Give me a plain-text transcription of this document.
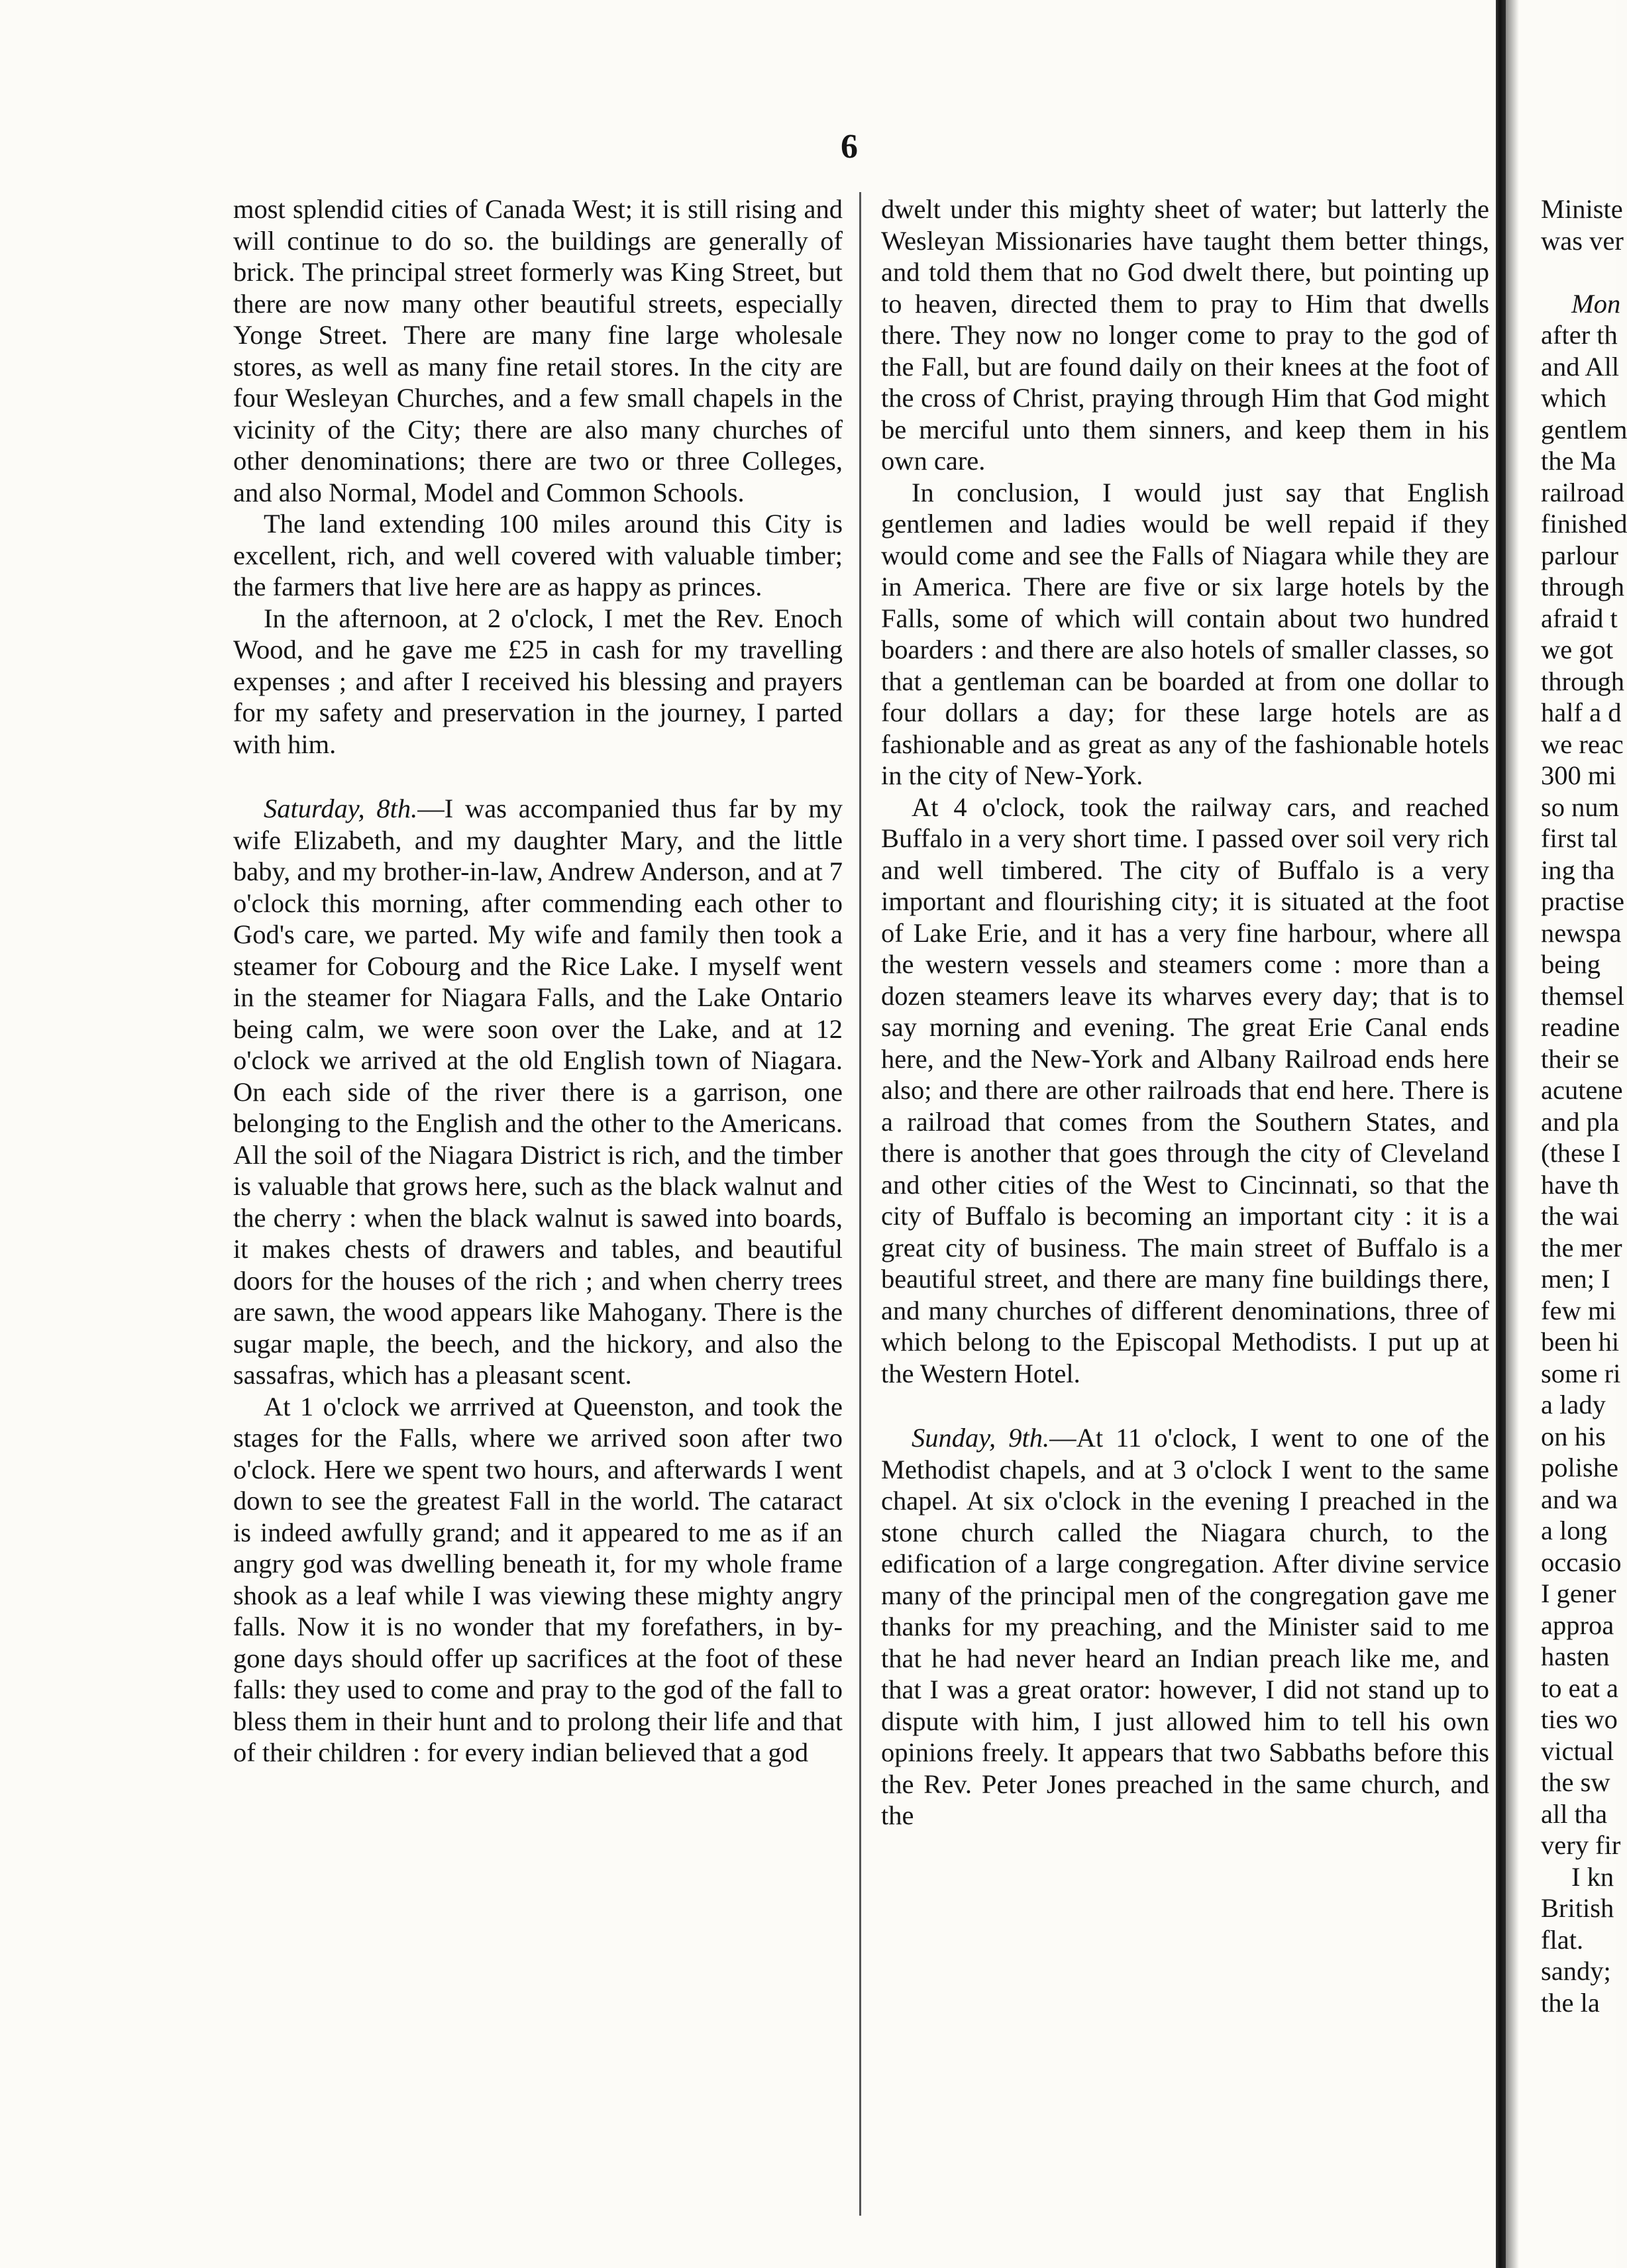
6

most splendid cities of Canada West; it is still rising and will continue to do so. the buildings are generally of brick. The principal street formerly was King Street, but there are now many other beautiful streets, especially Yonge Street. There are many fine large wholesale stores, as well as many fine retail stores. In the city are four Wesleyan Churches, and a few small chapels in the vicinity of the City; there are also many churches of other denominations; there are two or three Colleges, and also Normal, Model and Common Schools.

The land extending 100 miles around this City is excellent, rich, and well covered with valuable timber; the farmers that live here are as happy as princes.

In the afternoon, at 2 o'clock, I met the Rev. Enoch Wood, and he gave me £25 in cash for my travelling expenses ; and after I received his blessing and prayers for my safety and preservation in the journey, I parted with him.

Saturday, 8th.—I was accompanied thus far by my wife Elizabeth, and my daughter Mary, and the little baby, and my brother-in-law, Andrew Anderson, and at 7 o'clock this morning, after commending each other to God's care, we parted. My wife and family then took a steamer for Cobourg and the Rice Lake. I myself went in the steamer for Niagara Falls, and the Lake Ontario being calm, we were soon over the Lake, and at 12 o'clock we arrived at the old English town of Niagara. On each side of the river there is a garrison, one belonging to the English and the other to the Americans. All the soil of the Niagara District is rich, and the timber is valuable that grows here, such as the black walnut and the cherry : when the black walnut is sawed into boards, it makes chests of drawers and tables, and beautiful doors for the houses of the rich ; and when cherry trees are sawn, the wood appears like Mahogany. There is the sugar maple, the beech, and the hickory, and also the sassafras, which has a pleasant scent.

At 1 o'clock we arrrived at Queenston, and took the stages for the Falls, where we arrived soon after two o'clock. Here we spent two hours, and afterwards I went down to see the greatest Fall in the world. The cataract is indeed awfully grand; and it appeared to me as if an angry god was dwelling beneath it, for my whole frame shook as a leaf while I was viewing these mighty angry falls. Now it is no wonder that my forefathers, in by-gone days should offer up sacrifices at the foot of these falls: they used to come and pray to the god of the fall to bless them in their hunt and to prolong their life and that of their children : for every indian believed that a god

dwelt under this mighty sheet of water; but latterly the Wesleyan Missionaries have taught them better things, and told them that no God dwelt there, but pointing up to heaven, directed them to pray to Him that dwells there. They now no longer come to pray to the god of the Fall, but are found daily on their knees at the foot of the cross of Christ, praying through Him that God might be merciful unto them sinners, and keep them in his own care.

In conclusion, I would just say that English gentlemen and ladies would be well repaid if they would come and see the Falls of Niagara while they are in America. There are five or six large hotels by the Falls, some of which will contain about two hundred boarders : and there are also hotels of smaller classes, so that a gentleman can be boarded at from one dollar to four dollars a day; for these large hotels are as fashionable and as great as any of the fashionable hotels in the city of New-York.

At 4 o'clock, took the railway cars, and reached Buffalo in a very short time. I passed over soil very rich and well timbered. The city of Buffalo is a very important and flourishing city; it is situated at the foot of Lake Erie, and it has a very fine harbour, where all the western vessels and steamers come : more than a dozen steamers leave its wharves every day; that is to say morning and evening. The great Erie Canal ends here, and the New-York and Albany Railroad ends here also; and there are other railroads that end here. There is a railroad that comes from the Southern States, and there is another that goes through the city of Cleveland and other cities of the West to Cincinnati, so that the city of Buffalo is becoming an important city : it is a great city of business. The main street of Buffalo is a beautiful street, and there are many fine buildings there, and many churches of different denominations, three of which belong to the Episcopal Methodists. I put up at the Western Hotel.

Sunday, 9th.—At 11 o'clock, I went to one of the Methodist chapels, and at 3 o'clock I went to the same chapel. At six o'clock in the evening I preached in the stone church called the Niagara church, to the edification of a large congregation. After divine service many of the principal men of the congregation gave me thanks for my preaching, and the Minister said to me that he had never heard an Indian preach like me, and that I was a great orator: however, I did not stand up to dispute with him, I just allowed him to tell his own opinions freely. It appears that two Sabbaths before this the Rev. Peter Jones preached in the same church, and the

Ministe
was ver
Mon
after th
and All
which
gentlem
the Ma
railroad
finished
parlour
through
afraid t
we got
through
half a d
we reac
300 mi
so num
first tal
ing tha
practise
newspa
being
themsel
readine
their se
acutene
and pla
(these I
have th
the wai
the mer
men; I
few mi
been hi
some ri
a lady
on his
polishe
and wa
a long
occasio
I gener
approa
hasten
to eat a
ties wo
victual
the sw
all tha
very fir
I kn
British
flat.
sandy;
the la
